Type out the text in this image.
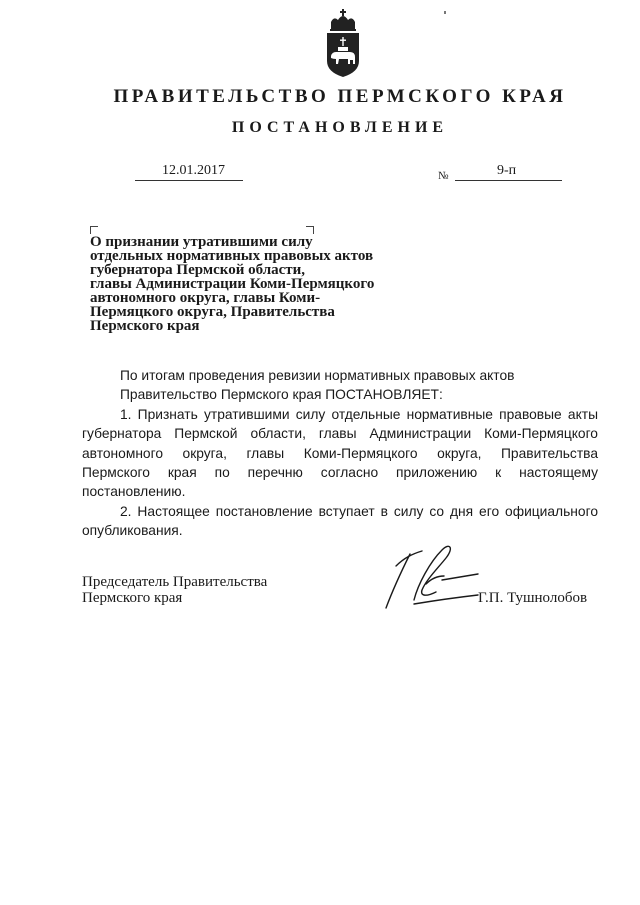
ПРАВИТЕЛЬСТВО ПЕРМСКОГО КРАЯ
ПОСТАНОВЛЕНИЕ
12.01.2017	№	9-п
О признании утратившими силу
отдельных нормативных правовых актов
губернатора Пермской области,
главы Администрации Коми-Пермяцкого
автономного округа, главы Коми-
Пермяцкого округа, Правительства
Пермского края
По итогам проведения ревизии нормативных правовых актов
Правительство Пермского края ПОСТАНОВЛЯЕТ:
1. Признать утратившими силу отдельные нормативные правовые акты
губернатора Пермской области, главы Администрации Коми-Пермяцкого
автономного округа, главы Коми-Пермяцкого округа, Правительства
Пермского края по перечню согласно приложению к настоящему
постановлению.
2. Настоящее постановление вступает в силу со дня его официального
опубликования.
Председатель Правительства
Пермского края	Г.П. Тушнолобов
